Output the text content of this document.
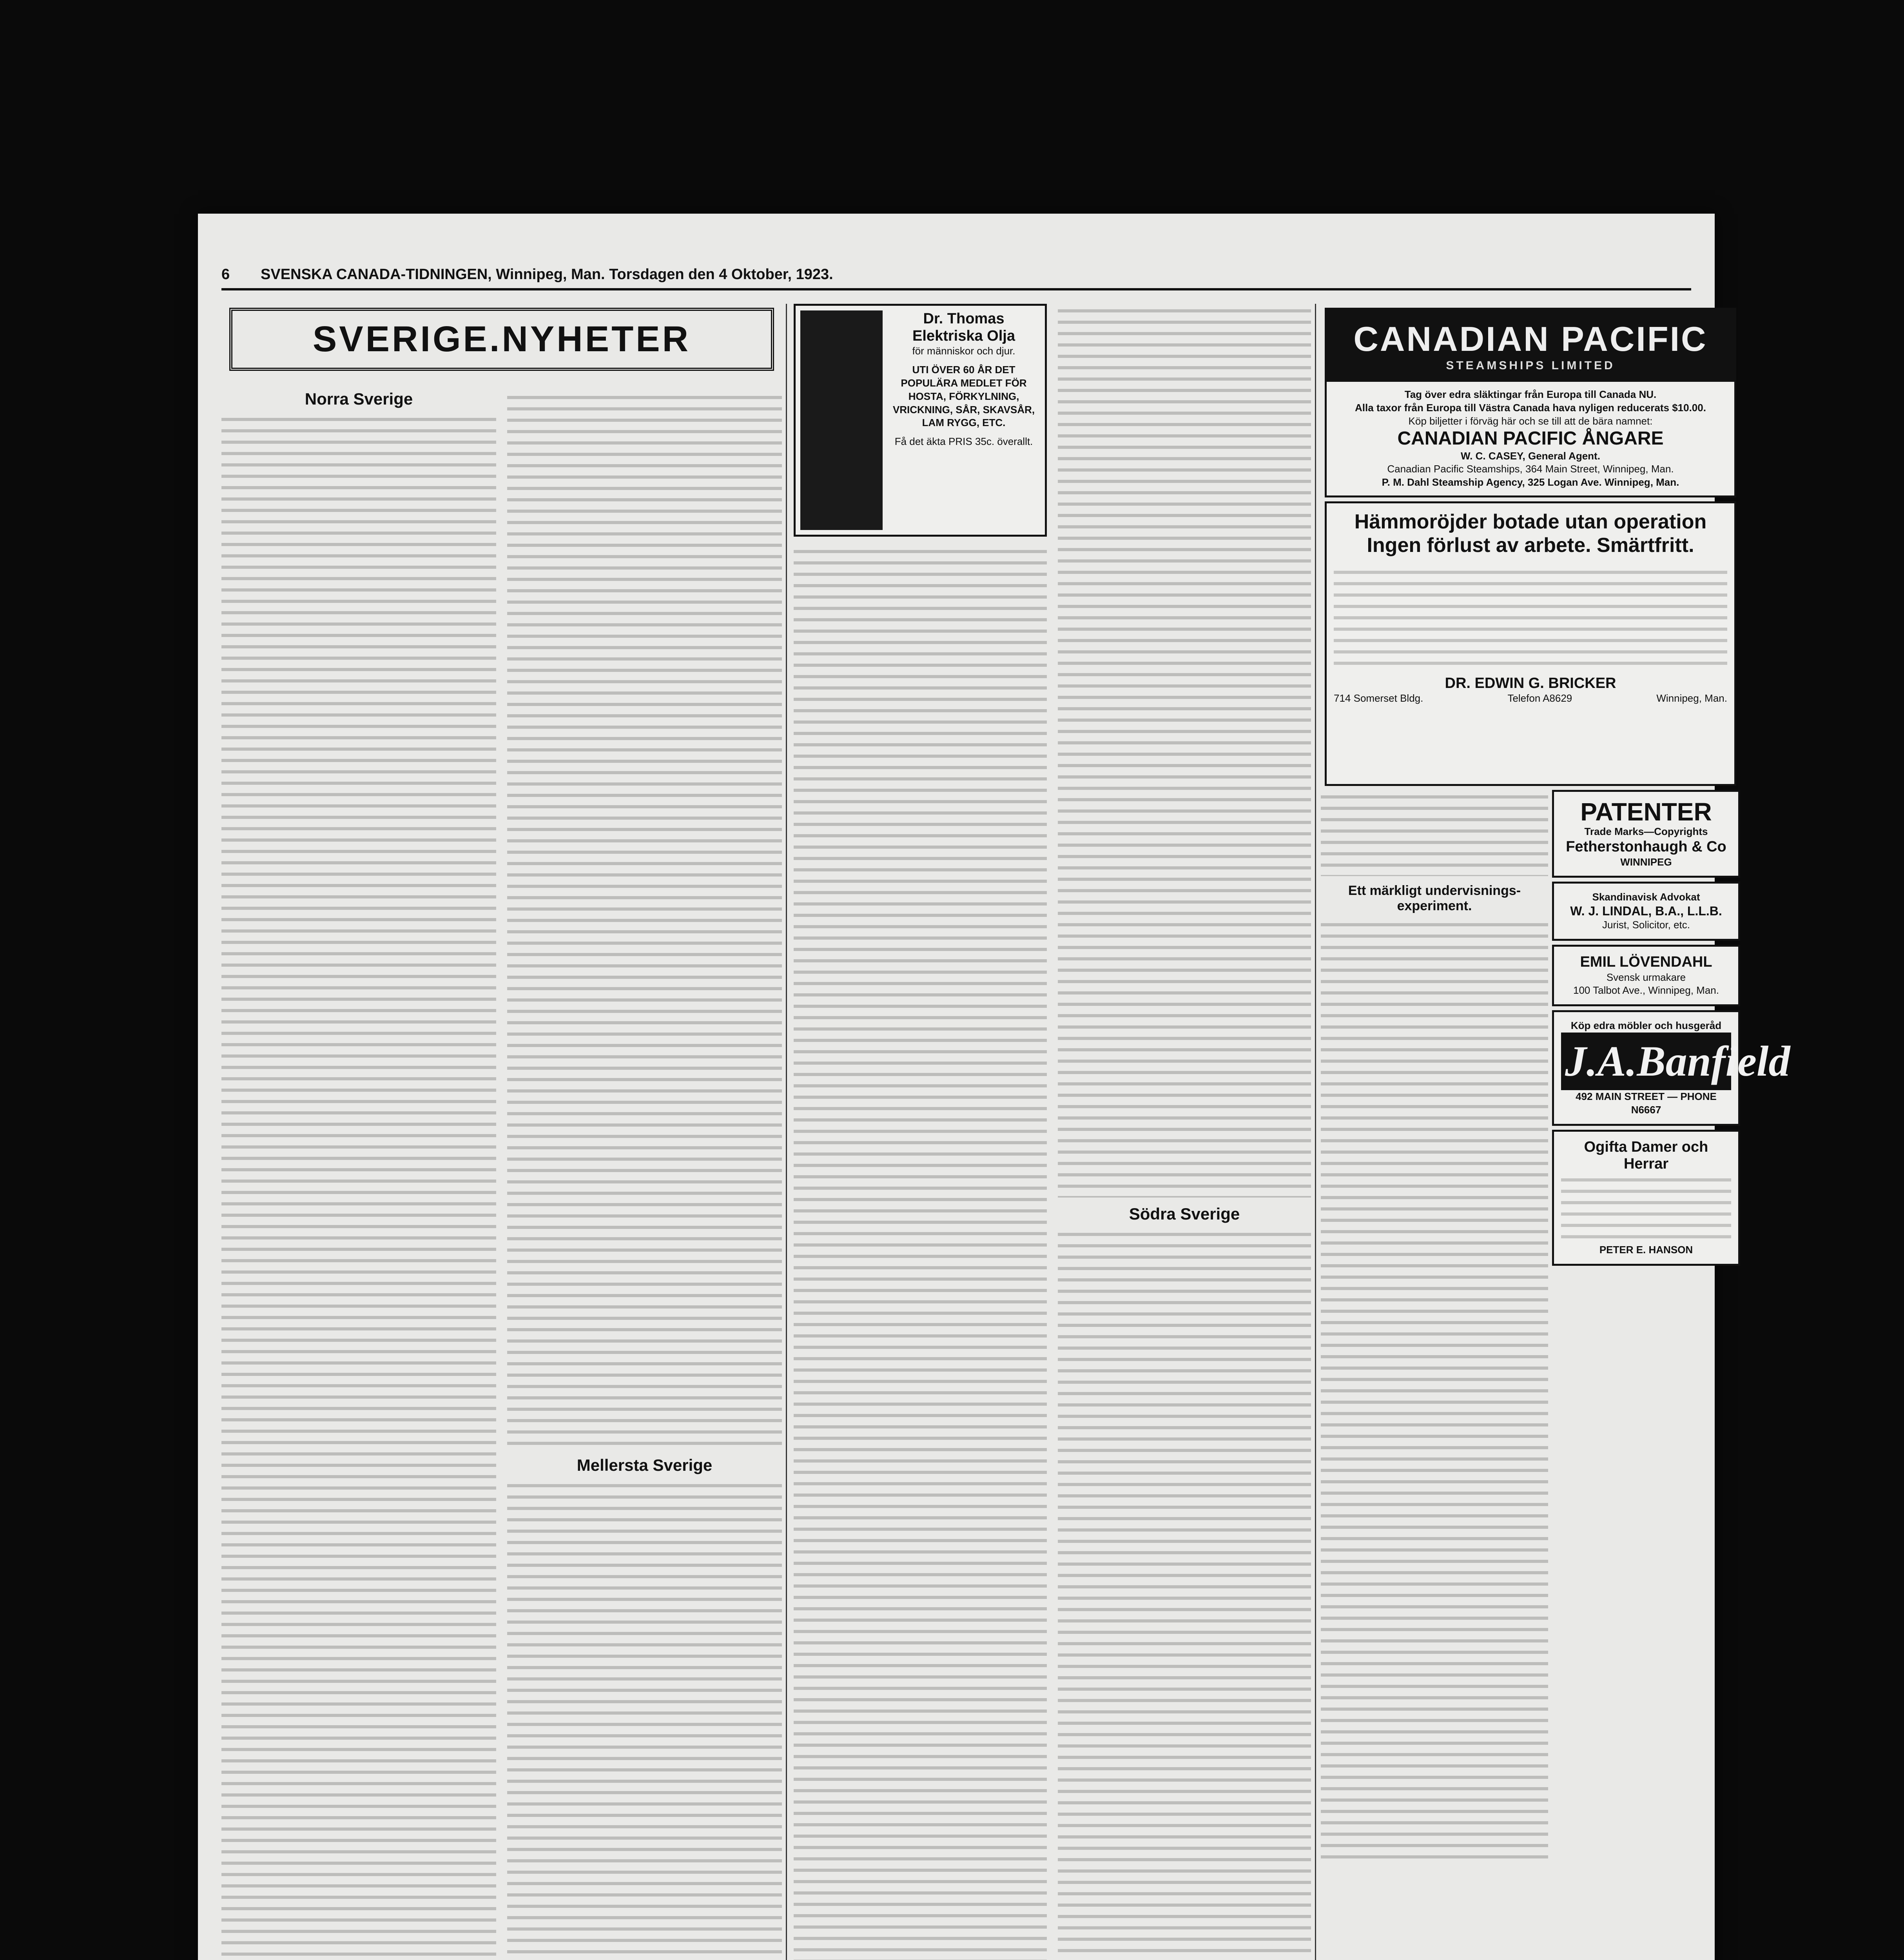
6	SVENSKA CANADA-TIDNINGEN, Winnipeg, Man. Torsdagen den 4 Oktober, 1923.
SVERIGE.NYHETER
Norra Sverige
Mellersta Sverige
Dr. Thomas Elektriska Olja
för människor och djur.
UTI ÖVER 60 ÅR DET POPULÄRA MEDLET FÖR HOSTA, FÖRKYLNING, VRICKNING, SÅR, SKAVSÅR, LAM RYGG, ETC.
Få det äkta PRIS 35c. överallt.
Södra Sverige
CANADIAN PACIFIC
STEAMSHIPS LIMITED
Tag över edra släktingar från Europa till Canada NU.
Alla taxor från Europa till Västra Canada hava nyligen reducerats $10.00.
Köp biljetter i förväg här och se till att de bära namnet:
CANADIAN PACIFIC ÅNGARE
W. C. CASEY, General Agent.
Canadian Pacific Steamships, 364 Main Street, Winnipeg, Man.
P. M. Dahl Steamship Agency, 325 Logan Ave. Winnipeg, Man.
Hämmoröjder botade utan operation Ingen förlust av arbete. Smärtfritt.
DR. EDWIN G. BRICKER
714 Somerset Bldg.	Telefon A8629	Winnipeg, Man.
Ett märkligt undervisnings-experiment.
PATENTER
Trade Marks—Copyrights
Fetherstonhaugh & Co
WINNIPEG
Skandinavisk Advokat
W. J. LINDAL, B.A., L.L.B.
Jurist, Solicitor, etc.
EMIL LÖVENDAHL
Svensk urmakare
100 Talbot Ave., Winnipeg, Man.
Köp edra möbler och husgeråd
J.A.Banfield
492 MAIN STREET — PHONE N6667
Ogifta Damer och Herrar
PETER E. HANSON
